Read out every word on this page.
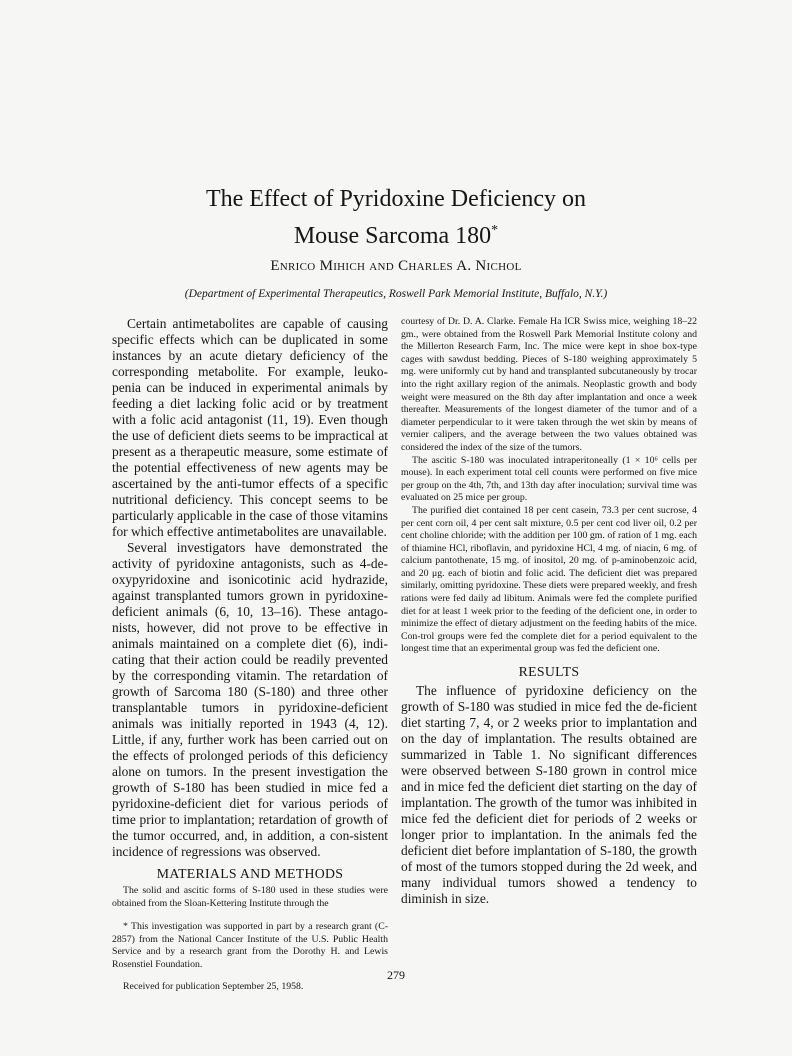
The Effect of Pyridoxine Deficiency on
Mouse Sarcoma 180*
Enrico Mihich and Charles A. Nichol
(Department of Experimental Therapeutics, Roswell Park Memorial Institute, Buffalo, N.Y.)

Certain antimetabolites are capable of causing specific effects which can be duplicated in some instances by an acute dietary deficiency of the corresponding metabolite. For example, leuko-penia can be induced in experimental animals by feeding a diet lacking folic acid or by treatment with a folic acid antagonist (11, 19). Even though the use of deficient diets seems to be impractical at present as a therapeutic measure, some estimate of the potential effectiveness of new agents may be ascertained by the anti-tumor effects of a specific nutritional deficiency. This concept seems to be particularly applicable in the case of those vitamins for which effective antimetabolites are unavailable.

Several investigators have demonstrated the activity of pyridoxine antagonists, such as 4-de-oxypyridoxine and isonicotinic acid hydrazide, against transplanted tumors grown in pyridoxine-deficient animals (6, 10, 13–16). These antago-nists, however, did not prove to be effective in animals maintained on a complete diet (6), indi-cating that their action could be readily prevented by the corresponding vitamin. The retardation of growth of Sarcoma 180 (S-180) and three other transplantable tumors in pyridoxine-deficient animals was initially reported in 1943 (4, 12). Little, if any, further work has been carried out on the effects of prolonged periods of this deficiency alone on tumors. In the present investigation the growth of S-180 has been studied in mice fed a pyridoxine-deficient diet for various periods of time prior to implantation; retardation of growth of the tumor occurred, and, in addition, a con-sistent incidence of regressions was observed.

MATERIALS AND METHODS

The solid and ascitic forms of S-180 used in these studies were obtained from the Sloan-Kettering Institute through the

* This investigation was supported in part by a research grant (C-2857) from the National Cancer Institute of the U.S. Public Health Service and by a research grant from the Dorothy H. and Lewis Rosenstiel Foundation.

Received for publication September 25, 1958.

courtesy of Dr. D. A. Clarke. Female Ha ICR Swiss mice, weighing 18–22 gm., were obtained from the Roswell Park Memorial Institute colony and the Millerton Research Farm, Inc. The mice were kept in shoe box-type cages with sawdust bedding. Pieces of S-180 weighing approximately 5 mg. were uniformly cut by hand and transplanted subcutaneously by trocar into the right axillary region of the animals. Neoplastic growth and body weight were measured on the 8th day after implantation and once a week thereafter. Measurements of the longest diameter of the tumor and of a diameter perpendicular to it were taken through the wet skin by means of vernier calipers, and the average between the two values obtained was considered the index of the size of the tumors.

The ascitic S-180 was inoculated intraperitoneally (1 × 10⁶ cells per mouse). In each experiment total cell counts were performed on five mice per group on the 4th, 7th, and 13th day after inoculation; survival time was evaluated on 25 mice per group.

The purified diet contained 18 per cent casein, 73.3 per cent sucrose, 4 per cent corn oil, 4 per cent salt mixture, 0.5 per cent cod liver oil, 0.2 per cent choline chloride; with the addition per 100 gm. of ration of 1 mg. each of thiamine HCl, riboflavin, and pyridoxine HCl, 4 mg. of niacin, 6 mg. of calcium pantothenate, 15 mg. of inositol, 20 mg. of p-aminobenzoic acid, and 20 μg. each of biotin and folic acid. The deficient diet was prepared similarly, omitting pyridoxine. These diets were prepared weekly, and fresh rations were fed daily ad libitum. Animals were fed the complete purified diet for at least 1 week prior to the feeding of the deficient one, in order to minimize the effect of dietary adjustment on the feeding habits of the mice. Con-trol groups were fed the complete diet for a period equivalent to the longest time that an experimental group was fed the deficient one.

RESULTS

The influence of pyridoxine deficiency on the growth of S-180 was studied in mice fed the de-ficient diet starting 7, 4, or 2 weeks prior to implantation and on the day of implantation. The results obtained are summarized in Table 1. No significant differences were observed between S-180 grown in control mice and in mice fed the deficient diet starting on the day of implantation. The growth of the tumor was inhibited in mice fed the deficient diet for periods of 2 weeks or longer prior to implantation. In the animals fed the deficient diet before implantation of S-180, the growth of most of the tumors stopped during the 2d week, and many individual tumors showed a tendency to diminish in size.

279
